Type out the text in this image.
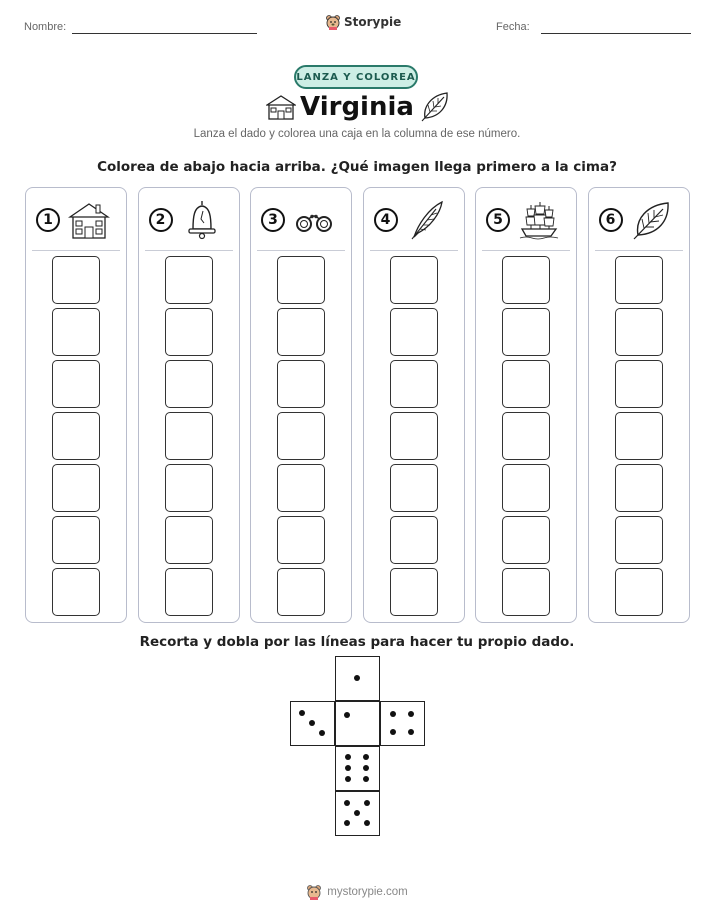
Nombre:	Storypie	Fecha:
LANZA Y COLOREA
Virginia
Lanza el dado y colorea una caja en la columna de ese número.
Colorea de abajo hacia arriba. ¿Qué imagen llega primero a la cima?
1	2	3	4	5	6
Recorta y dobla por las líneas para hacer tu propio dado.
mystorypie.com
